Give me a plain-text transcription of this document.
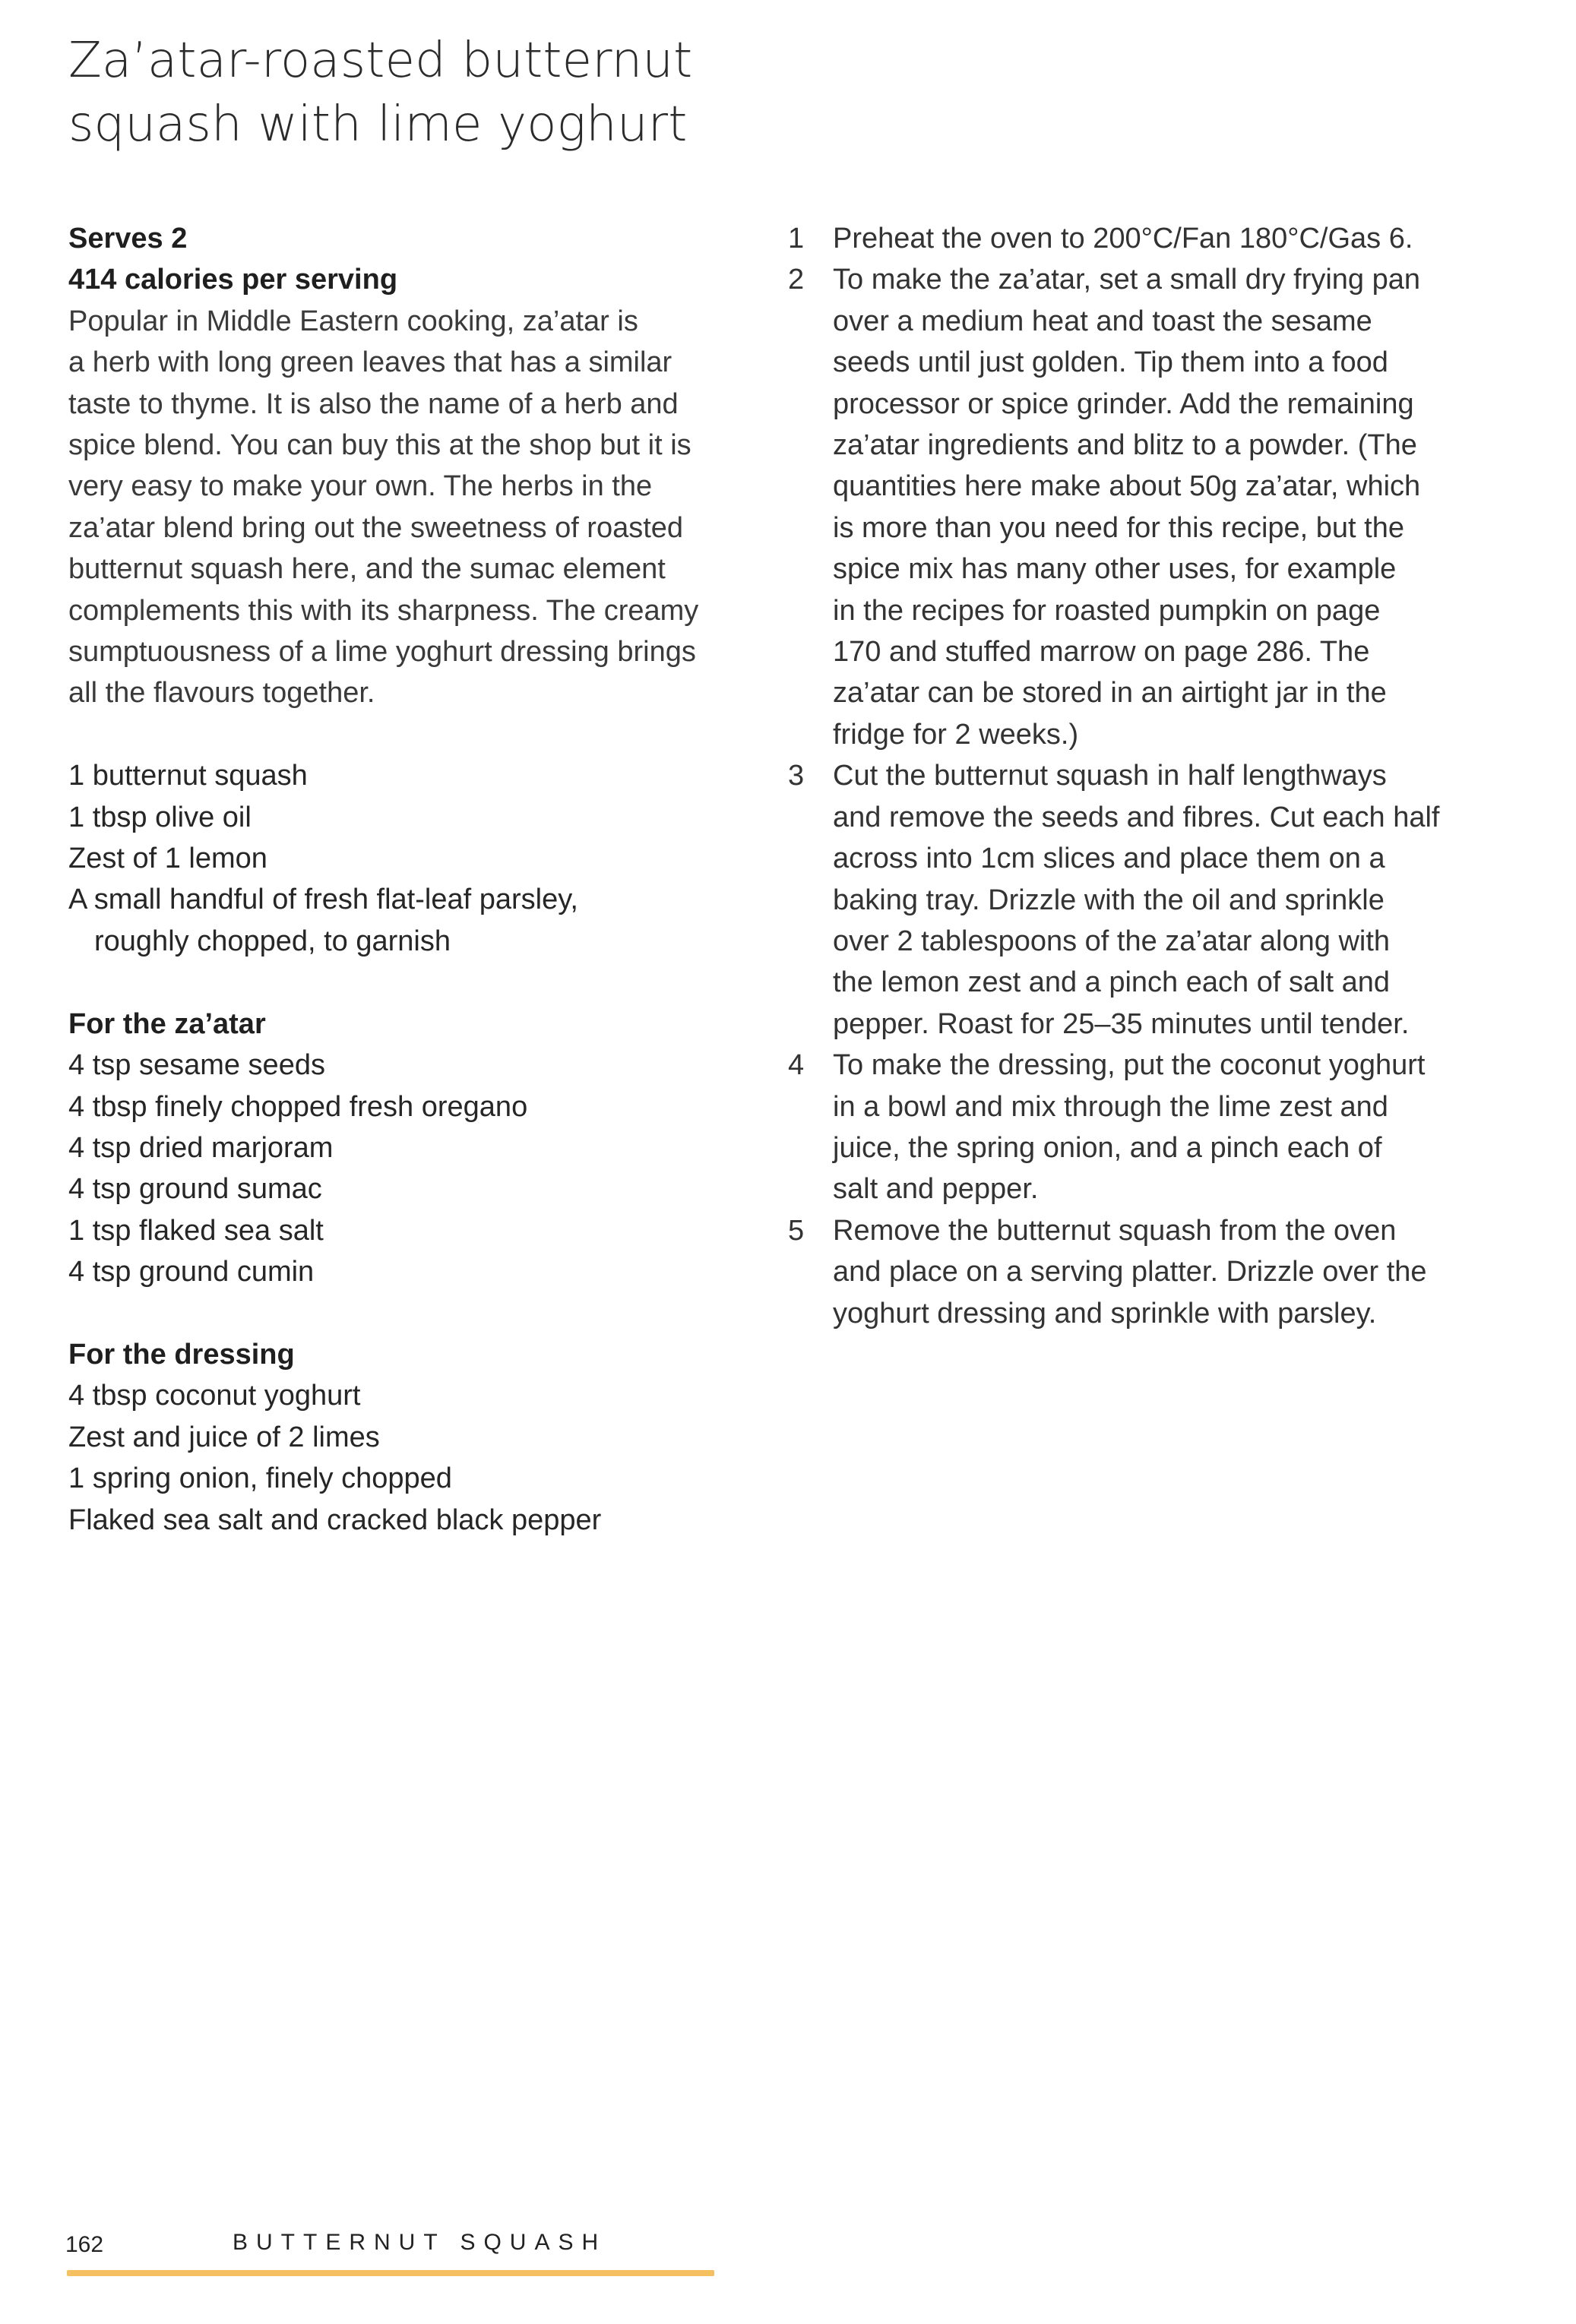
Za’atar-roasted butternut
squash with lime yoghurt

Serves 2

414 calories per serving

Popular in Middle Eastern cooking, za’atar is
a herb with long green leaves that has a similar
taste to thyme. It is also the name of a herb and
spice blend. You can buy this at the shop but it is
very easy to make your own. The herbs in the
za’atar blend bring out the sweetness of roasted
butternut squash here, and the sumac element
complements this with its sharpness. The creamy
sumptuousness of a lime yoghurt dressing brings
all the flavours together.

1 butternut squash
1 tbsp olive oil
Zest of 1 lemon
A small handful of fresh flat-leaf parsley,
roughly chopped, to garnish

For the za’atar

4 tsp sesame seeds
4 tbsp finely chopped fresh oregano
4 tsp dried marjoram
4 tsp ground sumac
1 tsp flaked sea salt
4 tsp ground cumin

For the dressing

4 tbsp coconut yoghurt
Zest and juice of 2 limes
1 spring onion, finely chopped
Flaked sea salt and cracked black pepper
1 Preheat the oven to 200°C/Fan 180°C/Gas 6.
2 To make the za’atar, set a small dry frying pan
over a medium heat and toast the sesame
seeds until just golden. Tip them into a food
processor or spice grinder. Add the remaining
za’atar ingredients and blitz to a powder. (The
quantities here make about 50g za’atar, which
is more than you need for this recipe, but the
spice mix has many other uses, for example
in the recipes for roasted pumpkin on page
170 and stuffed marrow on page 286. The
za’atar can be stored in an airtight jar in the
fridge for 2 weeks.)
3 Cut the butternut squash in half lengthways
and remove the seeds and fibres. Cut each half
across into 1cm slices and place them on a
baking tray. Drizzle with the oil and sprinkle
over 2 tablespoons of the za’atar along with
the lemon zest and a pinch each of salt and
pepper. Roast for 25–35 minutes until tender.
4 To make the dressing, put the coconut yoghurt
in a bowl and mix through the lime zest and
juice, the spring onion, and a pinch each of
salt and pepper.
5 Remove the butternut squash from the oven
and place on a serving platter. Drizzle over the
yoghurt dressing and sprinkle with parsley.
162	BUTTERNUT SQUASH
